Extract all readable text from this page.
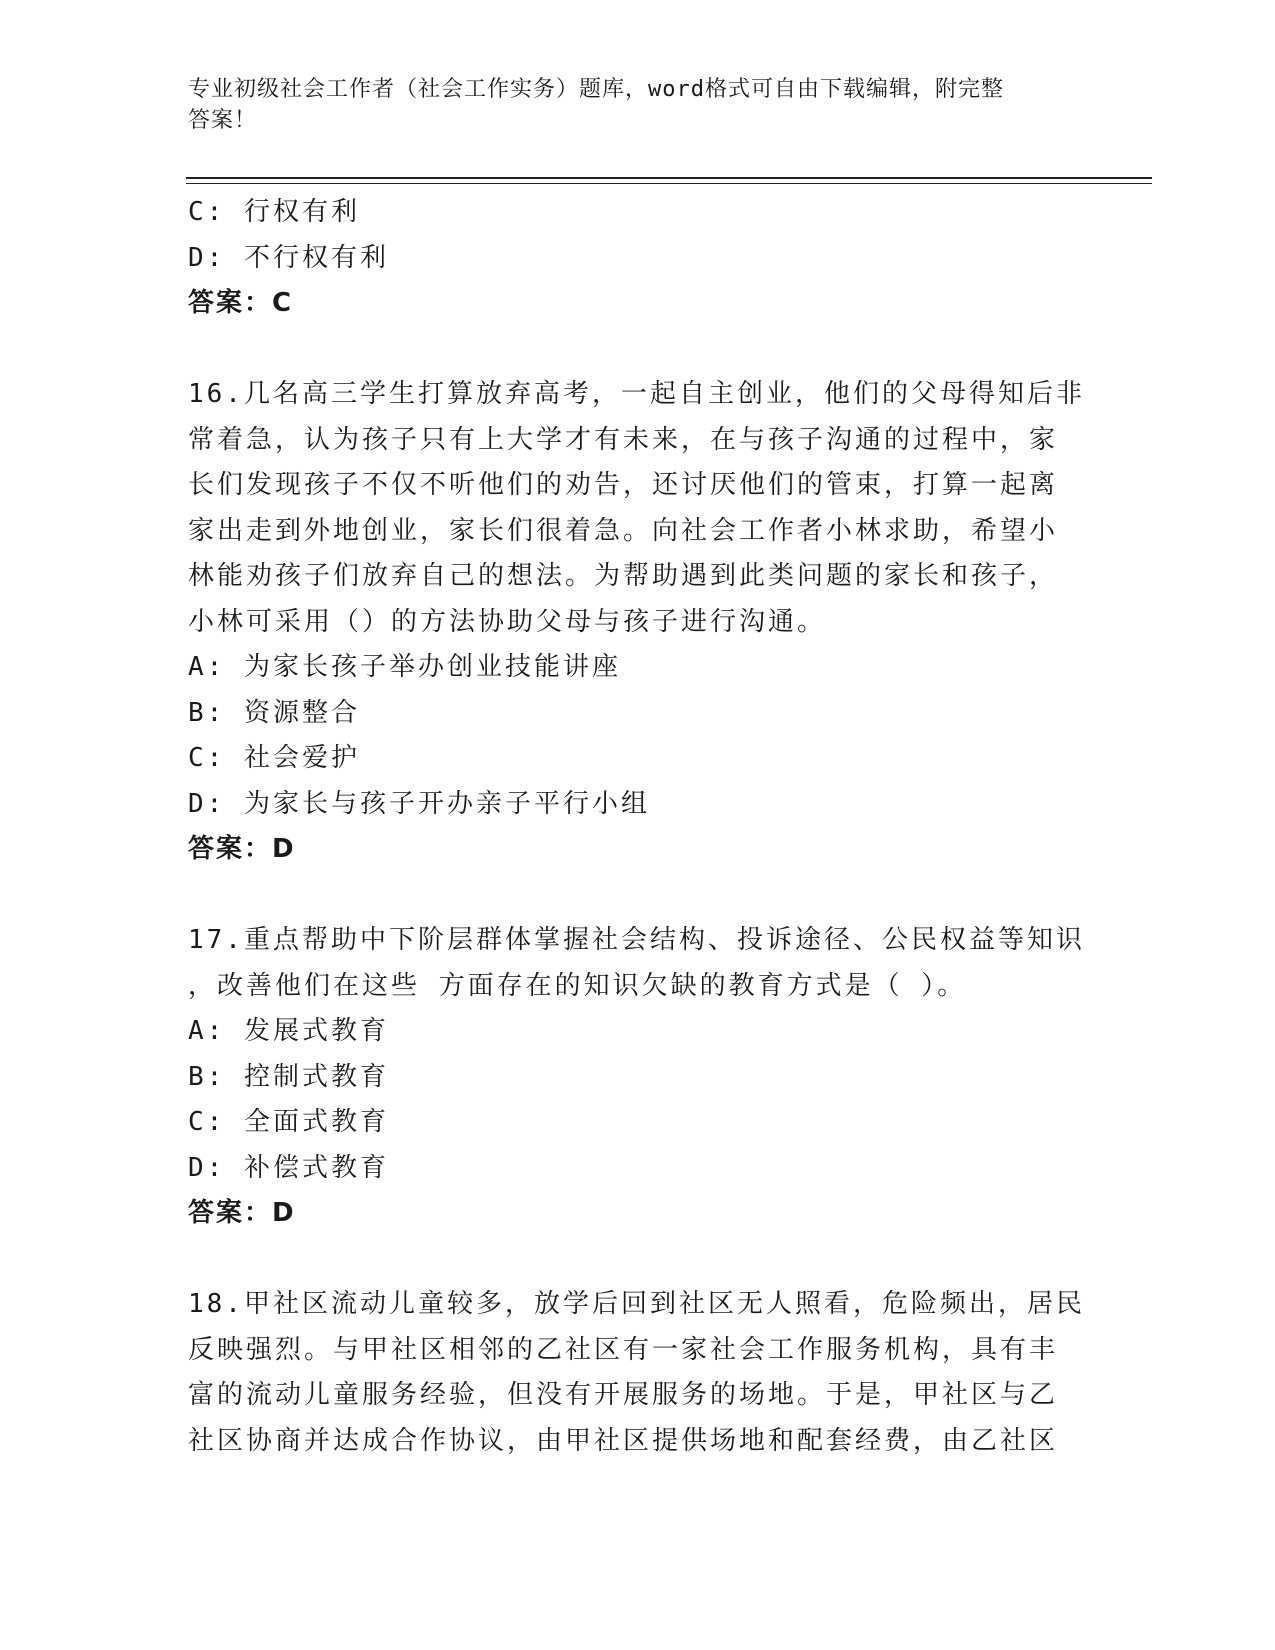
专业初级社会工作者（社会工作实务）题库，word格式可自由下载编辑，附完整
答案！
C: 行权有利
D: 不行权有利
答案：C
16.几名高三学生打算放弃高考，一起自主创业，他们的父母得知后非
常着急，认为孩子只有上大学才有未来，在与孩子沟通的过程中，家
长们发现孩子不仅不听他们的劝告，还讨厌他们的管束，打算一起离
家出走到外地创业，家长们很着急。向社会工作者小林求助，希望小
林能劝孩子们放弃自己的想法。为帮助遇到此类问题的家长和孩子，
小林可采用（）的方法协助父母与孩子进行沟通。
A: 为家长孩子举办创业技能讲座
B: 资源整合
C: 社会爱护
D: 为家长与孩子开办亲子平行小组
答案：D
17.重点帮助中下阶层群体掌握社会结构、投诉途径、公民权益等知识
，改善他们在这些 方面存在的知识欠缺的教育方式是（ ）。
A: 发展式教育
B: 控制式教育
C: 全面式教育
D: 补偿式教育
答案：D
18.甲社区流动儿童较多，放学后回到社区无人照看，危险频出，居民
反映强烈。与甲社区相邻的乙社区有一家社会工作服务机构，具有丰
富的流动儿童服务经验，但没有开展服务的场地。于是，甲社区与乙
社区协商并达成合作协议，由甲社区提供场地和配套经费，由乙社区
